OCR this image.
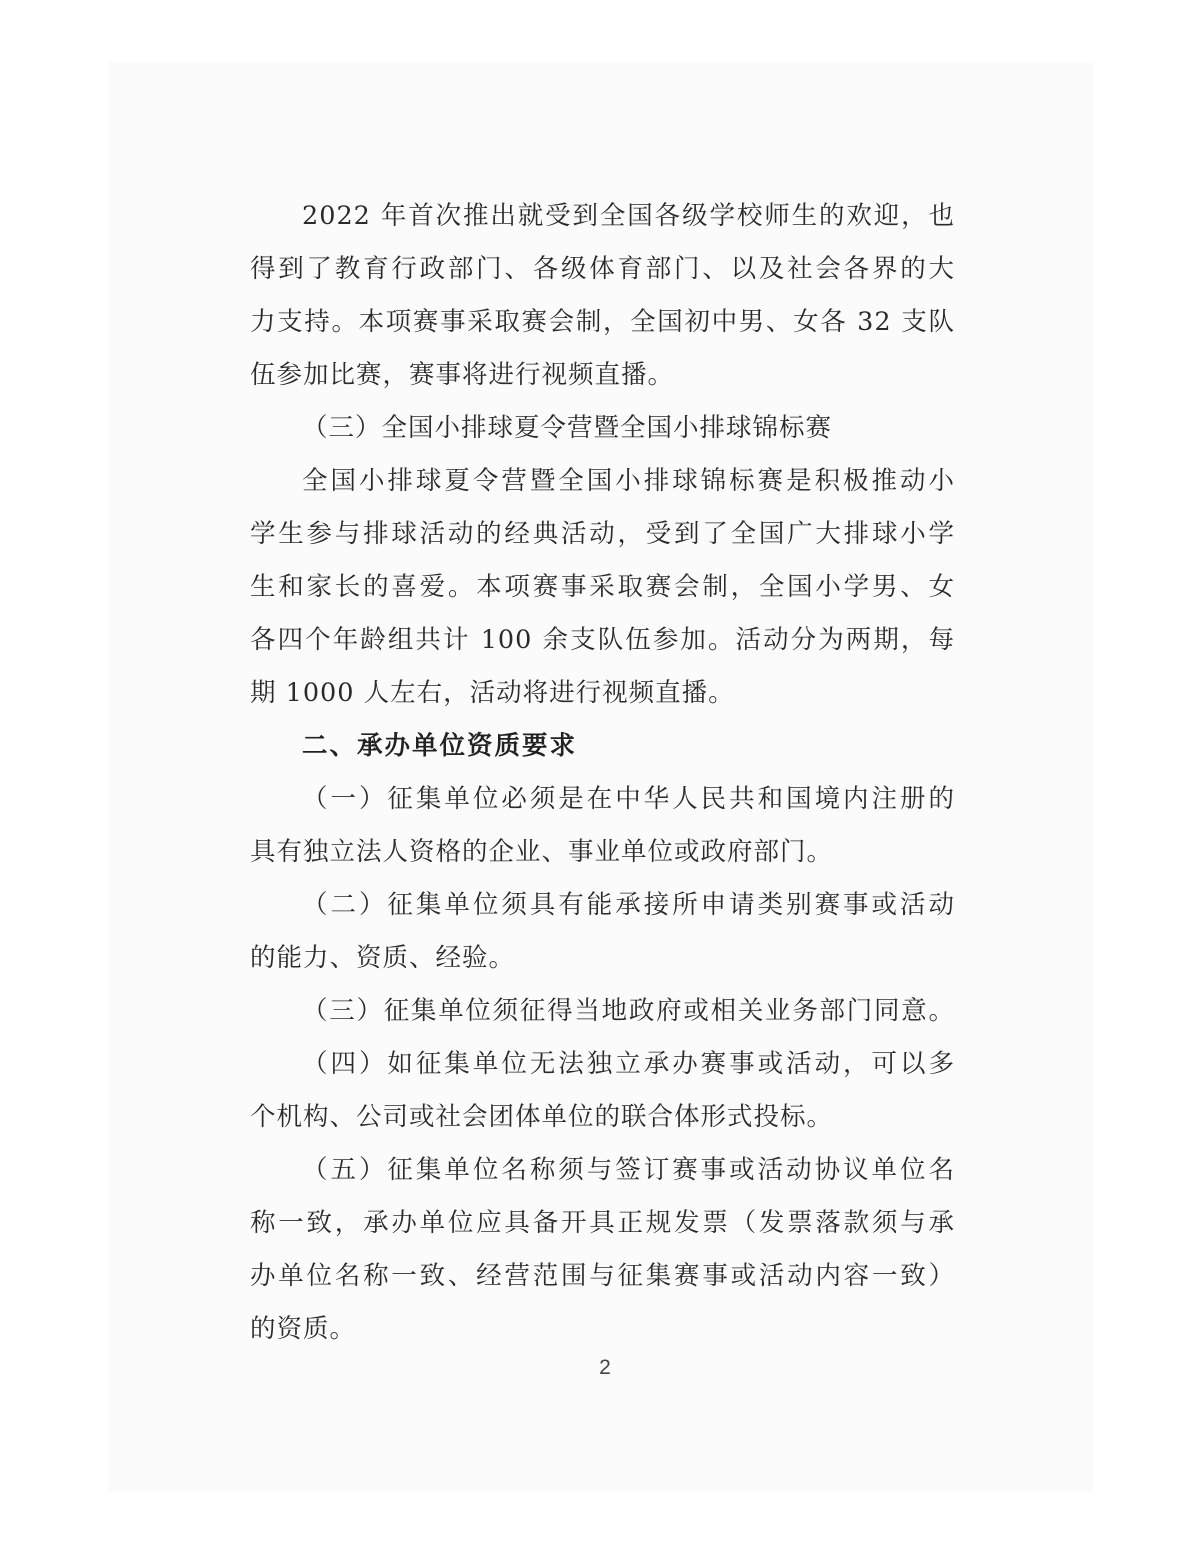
2022 年首次推出就受到全国各级学校师生的欢迎，也
得到了教育行政部门、各级体育部门、以及社会各界的大
力支持。本项赛事采取赛会制，全国初中男、女各 32 支队
伍参加比赛，赛事将进行视频直播。
（三）全国小排球夏令营暨全国小排球锦标赛
全国小排球夏令营暨全国小排球锦标赛是积极推动小
学生参与排球活动的经典活动，受到了全国广大排球小学
生和家长的喜爱。本项赛事采取赛会制，全国小学男、女
各四个年龄组共计 100 余支队伍参加。活动分为两期，每
期 1000 人左右，活动将进行视频直播。
二、承办单位资质要求
（一）征集单位必须是在中华人民共和国境内注册的
具有独立法人资格的企业、事业单位或政府部门。
（二）征集单位须具有能承接所申请类别赛事或活动
的能力、资质、经验。
（三）征集单位须征得当地政府或相关业务部门同意。
（四）如征集单位无法独立承办赛事或活动，可以多
个机构、公司或社会团体单位的联合体形式投标。
（五）征集单位名称须与签订赛事或活动协议单位名
称一致，承办单位应具备开具正规发票（发票落款须与承
办单位名称一致、经营范围与征集赛事或活动内容一致）
的资质。
2
